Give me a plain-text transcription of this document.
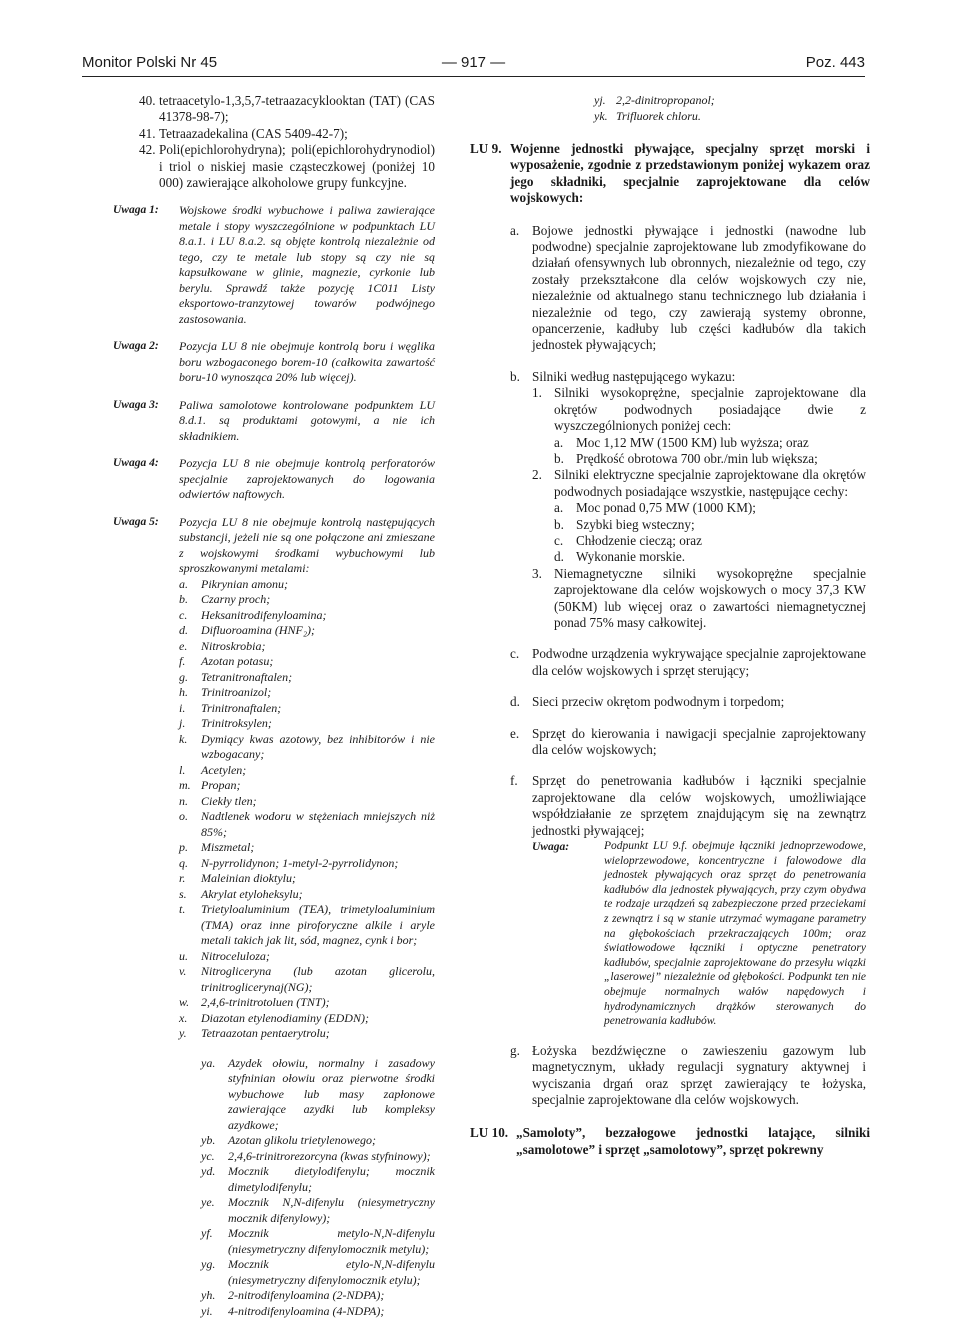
Monitor Polski Nr 45	— 917 —	Poz. 443
40. tetraacetylo-1,3,5,7-tetraazacyklooktan (TAT) (CAS 41378-98-7);
41. Tetraazadekalina (CAS 5409-42-7);
42. Poli(epichlorohydryna); poli(epichlorohydrynodiol) i triol o niskiej masie cząsteczkowej (poniżej 10 000) zawierające alkoholowe grupy funkcyjne.
Uwaga 1:	Wojskowe środki wybuchowe i paliwa zawierające metale i stopy wyszczególnione w podpunktach LU 8.a.1. i LU 8.a.2. są objęte kontrolą niezależnie od tego, czy te metale lub stopy są czy nie są kapsułkowane w glinie, magnezie, cyrkonie lub berylu. Sprawdź także pozycję 1C011 Listy eksportowo-tranzytowej towarów podwójnego zastosowania.
Uwaga 2:	Pozycja LU 8 nie obejmuje kontrolą boru i węglika boru wzbogaconego borem-10 (całkowita zawartość boru-10 wynosząca 20% lub więcej).
Uwaga 3:	Paliwa samolotowe kontrolowane podpunktem LU 8.d.1. są produktami gotowymi, a nie ich składnikiem.
Uwaga 4:	Pozycja LU 8 nie obejmuje kontrolą perforatorów specjalnie zaprojektowanych do logowania odwiertów naftowych.
Uwaga 5:	Pozycja LU 8 nie obejmuje kontrolą następujących substancji, jeżeli nie są one połączone ani zmieszane z wojskowymi środkami wybuchowymi lub sproszkowanymi metalami:
a.	Pikrynian amonu;
b.	Czarny proch;
c.	Heksanitrodifenyloamina;
d.	Difluoroamina (HNF₂);
e.	Nitroskrobia;
f.	Azotan potasu;
g.	Tetranitronaftalen;
h.	Trinitroanizol;
i.	Trinitronaftalen;
j.	Trinitroksylen;
k.	Dymiący kwas azotowy, bez inhibitorów i nie wzbogacany;
l.	Acetylen;
m. Propan;
n.	Ciekły tlen;
o.	Nadtlenek wodoru w stężeniach mniejszych niż 85%;
p.	Miszmetal;
q.	N-pyrrolidynon; 1-metyl-2-pyrrolidynon;
r.	Maleinian dioktylu;
s.	Akrylat etyloheksylu;
t.	Trietyloaluminium (TEA), trimetyloaluminium (TMA) oraz inne piroforyczne alkile i aryle metali takich jak lit, sód, magnez, cynk i bor;
u.	Nitroceluloza;
v.	Nitrogliceryna (lub azotan glicerolu, trinitroglicerynaj(NG);
w. 2,4,6-trinitrotoluen (TNT);
x.	Diazotan etylenodiaminy (EDDN);
y.	Tetraazotan pentaerytrolu;
ya.	Azydek ołowiu, normalny i zasadowy styfninian ołowiu oraz pierwotne środki wybuchowe lub masy zapłonowe zawierające azydki lub kompleksy azydkowe;
yb.	Azotan glikolu trietylenowego;
yc.	2,4,6-trinitrorezorcyna (kwas styfninowy);
yd.	Mocznik dietylodifenylu; mocznik dimetylodifenylu;
ye.	Mocznik N,N-difenylu (niesymetryczny mocznik difenylowy);
yf.	Mocznik metylo-N,N-difenylu (niesymetryczny difenylomocznik metylu);
yg.	Mocznik etylo-N,N-difenylu (niesymetryczny difenylomocznik etylu);
yh.	2-nitrodifenyloamina (2-NDPA);
yi.	4-nitrodifenyloamina (4-NDPA);
yj. 2,2-dinitropropanol;
yk. Trifluorek chloru.
LU 9. Wojenne jednostki pływające, specjalny sprzęt morski i wyposażenie, zgodnie z przedstawionym poniżej wykazem oraz jego składniki, specjalnie zaprojektowane dla celów wojskowych:
a. Bojowe jednostki pływające i jednostki (nawodne lub podwodne) specjalnie zaprojektowane lub zmodyfikowane do działań ofensywnych lub obronnych, niezależnie od tego, czy zostały przekształcone dla celów wojskowych czy nie, niezależnie od aktualnego stanu technicznego lub działania i niezależnie od tego, czy zawierają systemy obronne, opancerzenie, kadłuby lub części kadłubów dla takich jednostek pływających;
b. Silniki według następującego wykazu:
1. Silniki wysokoprężne, specjalnie zaprojektowane dla okrętów podwodnych posiadające dwie z wyszczególnionych poniżej cech:
a. Moc 1,12 MW (1500 KM) lub wyższa; oraz
b. Prędkość obrotowa 700 obr./min lub większa;
2. Silniki elektryczne specjalnie zaprojektowane dla okrętów podwodnych posiadające wszystkie, następujące cechy:
a. Moc ponad 0,75 MW (1000 KM);
b. Szybki bieg wsteczny;
c. Chłodzenie cieczą; oraz
d. Wykonanie morskie.
3. Niemagnetyczne silniki wysokoprężne specjalnie zaprojektowane dla celów wojskowych o mocy 37,3 KW (50KM) lub więcej oraz o zawartości niemagnetycznej ponad 75% masy całkowitej.
c. Podwodne urządzenia wykrywające specjalnie zaprojektowane dla celów wojskowych i sprzęt sterujący;
d. Sieci przeciw okrętom podwodnym i torpedom;
e. Sprzęt do kierowania i nawigacji specjalnie zaprojektowany dla celów wojskowych;
f.	Sprzęt do penetrowania kadłubów i łączniki specjalnie zaprojektowane dla celów wojskowych, umożliwiające współdziałanie ze sprzętem znajdującym się na zewnątrz jednostki pływającej;
Uwaga:	Podpunkt LU 9.f. obejmuje łączniki jednoprzewodowe, wieloprzewodowe, koncentryczne i falowodowe dla jednostek pływających oraz sprzęt do penetrowania kadłubów dla jednostek pływających, przy czym obydwa te rodzaje urządzeń są zabezpieczone przed przeciekami z zewnątrz i są w stanie utrzymać wymagane parametry na głębokościach przekraczających 100m; oraz światłowodowe łączniki i optyczne penetratory kadłubów, specjalnie zaprojektowane do przesyłu wiązki „laserowej” niezależnie od głębokości. Podpunkt ten nie obejmuje normalnych wałów napędowych i hydrodynamicznych drążków sterowanych do penetrowania kadłubów.
g. Łożyska bezdźwięczne o zawieszeniu gazowym lub magnetycznym, układy regulacji sygnatury aktywnej i wyciszania drgań oraz sprzęt zawierający te łożyska, specjalnie zaprojektowane dla celów wojskowych.
LU 10. „Samoloty”, bezzałogowe jednostki latające, silniki „samolotowe” i sprzęt „samolotowy”, sprzęt pokrewny
